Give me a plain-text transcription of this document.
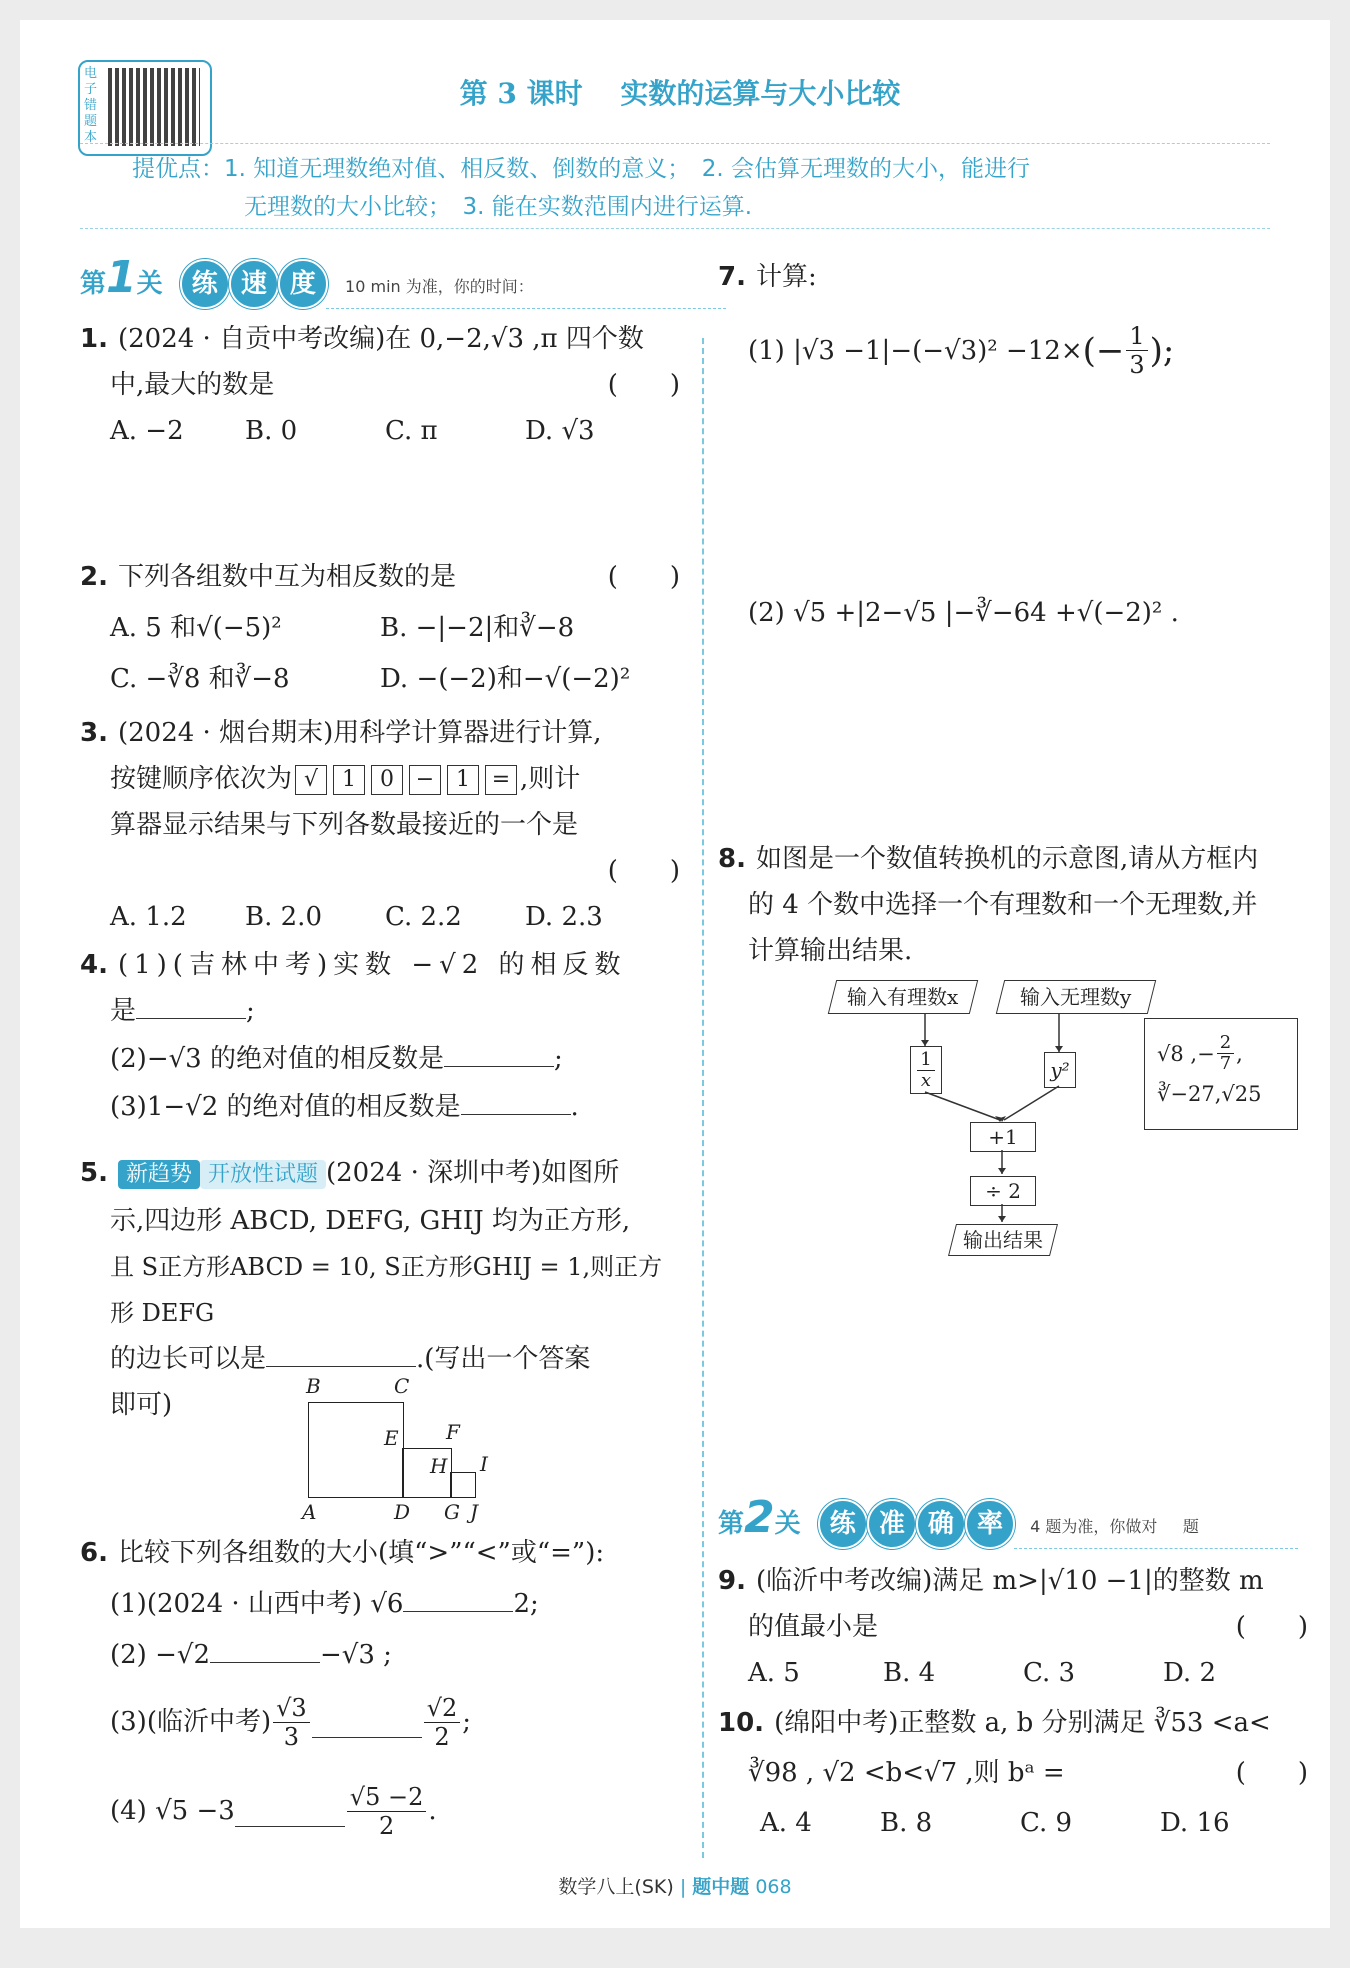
电子错题本
第 3 课时　 实数的运算与大小比较
提优点：1. 知道无理数绝对值、相反数、倒数的意义；　 2. 会估算无理数的大小，能进行
无理数的大小比较；　 3. 能在实数范围内进行运算.
第1关 练 速 度 10 min 为准，你的时间：
1. (2024 · 自贡中考改编)在 0,−2,√3 ,π 四个数
中,最大的数是	(　　)
A. −2 B. 0	C. π	D. √3
2. 下列各组数中互为相反数的是	(　　)
A. 5 和√(−5)²	B. −|−2|和∛−8
C. −∛8 和∛−8	D. −(−2)和−√(−2)²
3. (2024 · 烟台期末)用科学计算器进行计算,
按键顺序依次为 √ 1 0 − 1 = ,则计
算器显示结果与下列各数最接近的一个是
(　　)
A. 1.2 B. 2.0 C. 2.2 D. 2.3
4. (1)(吉林中考)实数 −√2 的相反数
是	;
(2)−√3 的绝对值的相反数是	;
(3)1−√2 的绝对值的相反数是	.
5. 新趋势 开放性试题 (2024 · 深圳中考)如图所
示,四边形 ABCD, DEFG, GHIJ 均为正方形,
且 S正方形ABCD = 10, S正方形GHIJ = 1,则正方形 DEFG
的边长可以是	.(写出一个答案
即可)
B	C
E F
H I
A	D G J
6. 比较下列各组数的大小(填“>”“<”或“=”):
(1)(2024 · 山西中考) √6	2;
(2) −√2	−√3 ;
(3)(临沂中考) $\frac{√3}{3}$	$\frac{√2}{2}$ ;
(4) √5 −3	$\frac{√5 -2}{2}$ .
7. 计算:
(1) |√3 −1|−(−√3)² −12× (− $\frac{1}{3}$ );
(2) √5 +|2−√5 |−∛−64 +√(−2)² .
8. 如图是一个数值转换机的示意图,请从方框内
的 4 个数中选择一个有理数和一个无理数,并
计算输出结果.
输入有理数x	输入无理数y
$\frac{1}{x}$	y²
+1
÷ 2
输出结果
√8 ,− $\frac{2}{7}$ ,
∛−27,√25
第2关 练 准 确 率 4 题为准，你做对     题
9. (临沂中考改编)满足 m>|√10 −1|的整数 m
的值最小是	(　　)
A. 5	B. 4	C. 3	D. 2
10. (绵阳中考)正整数 a, b 分别满足 ∛53 <a<
∛98 , √2 <b<√7 ,则 bᵃ =	(　　)
A. 4	B. 8	C. 9	D. 16
数学八上(SK) | 题中题 068
